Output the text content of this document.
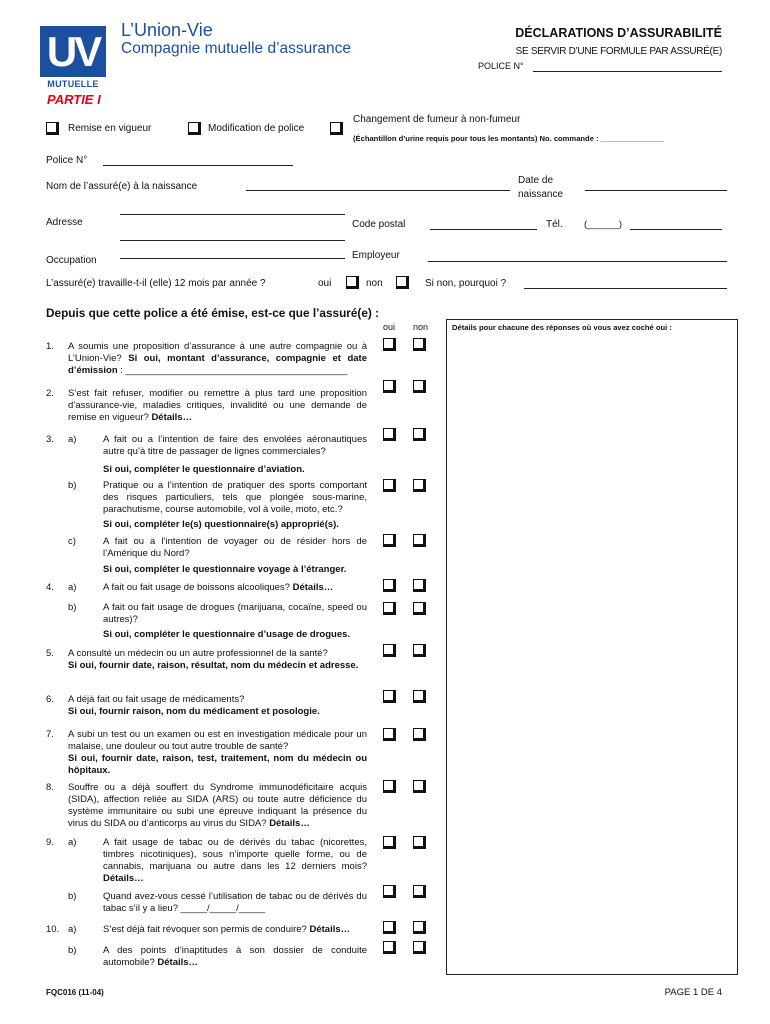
UV
MUTUELLE
L’Union-Vie
Compagnie mutuelle d’assurance
DÉCLARATIONS D’ASSURABILITÉ
SE SERVIR D’UNE FORMULE PAR ASSURÉ(E)
POLICE N°
PARTIE I
Remise en vigueur	Modification de police
Changement de fumeur à non-fumeur
(Échantillon d’urine requis pour tous les montants) No. commande : _______________
Police N°
Nom de l’assuré(e) à la naissance
Date de naissance
Adresse	Code postal	Tél. (______)
Occupation	Employeur
L’assuré(e) travaille-t-il (elle) 12 mois par année ?	oui	non	Si non, pourquoi ?
Depuis que cette police a été émise, est-ce que l’assuré(e) :
oui non	Détails pour chacune des réponses où vous avez coché oui :
1. A soumis une proposition d’assurance à une autre compagnie ou à L’Union-Vie? Si oui, montant d’assurance, compagnie et date d’émission : __________________________________________

2. S’est fait refuser, modifier ou remettre à plus tard une proposition d’assurance-vie, maladies critiques, invalidité ou une demande de remise en vigueur? Détails…

3. a)	A fait ou a l’intention de faire des envolées aéronautiques autre qu’à titre de passager de lignes commerciales?

Si oui, compléter le questionnaire d’aviation.
b)	Pratique ou a l’intention de pratiquer des sports comportant des risques particuliers, tels que plongée sous-marine, parachutisme, course automobile, vol à voile, moto, etc.?

Si oui, compléter le(s) questionnaire(s) approprié(s).
c)	A fait ou a l’intention de voyager ou de résider hors de l’Amérique du Nord?

Si oui, compléter le questionnaire voyage à l’étranger.
4. a)	A fait ou fait usage de boissons alcooliques? Détails…

b)	A fait ou fait usage de drogues (marijuana, cocaïne, speed ou autres)?

Si oui, compléter le questionnaire d’usage de drogues.
5. A consulté un médecin ou un autre professionnel de la santé?
Si oui, fournir date, raison, résultat, nom du médecin et adresse.

6. A déjà fait ou fait usage de médicaments?
Si oui, fournir raison, nom du médicament et posologie.

7. A subi un test ou un examen ou est en investigation médicale pour un malaise, une douleur ou tout autre trouble de santé?
Si oui, fournir date, raison, test, traitement, nom du médecin ou hôpitaux.

8. Souffre ou a déjà souffert du Syndrome immunodéficitaire acquis (SIDA), affection reliée au SIDA (ARS) ou toute autre déficience du système immunitaire ou subi une épreuve indiquant la présence du virus du SIDA ou d’anticorps au virus du SIDA? Détails…

9. a)	A fait usage de tabac ou de dérivés du tabac (nicorettes, timbres nicotiniques), sous n’importe quelle forme, ou de cannabis, marijuana ou autre dans les 12 derniers mois? Détails…

b)	Quand avez-vous cessé l’utilisation de tabac ou de dérivés du tabac s’il y a lieu? _____/_____/_____

10. a)	S’est déjà fait révoquer son permis de conduire? Détails…

b)	A des points d’inaptitudes à son dossier de conduite automobile? Détails…

FQC016 (11-04)	PAGE 1 DE 4
